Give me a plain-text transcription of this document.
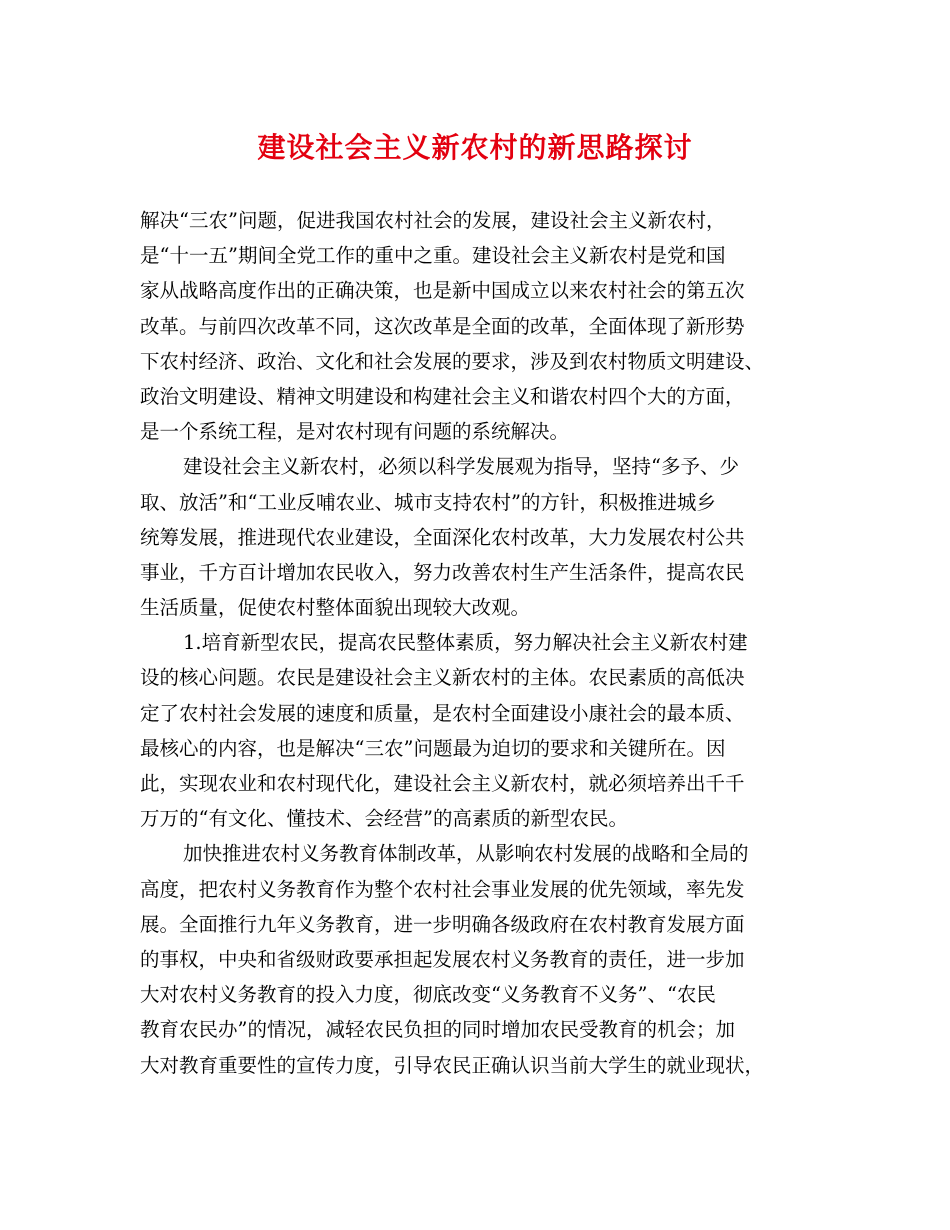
建设社会主义新农村的新思路探讨

解决“三农”问题，促进我国农村社会的发展，建设社会主义新农村，
是“十一五”期间全党工作的重中之重。建设社会主义新农村是党和国
家从战略高度作出的正确决策，也是新中国成立以来农村社会的第五次
改革。与前四次改革不同，这次改革是全面的改革，全面体现了新形势
下农村经济、政治、文化和社会发展的要求，涉及到农村物质文明建设、
政治文明建设、精神文明建设和构建社会主义和谐农村四个大的方面，
是一个系统工程，是对农村现有问题的系统解决。

建设社会主义新农村，必须以科学发展观为指导，坚持“多予、少
取、放活”和“工业反哺农业、城市支持农村”的方针，积极推进城乡
统筹发展，推进现代农业建设，全面深化农村改革，大力发展农村公共
事业，千方百计增加农民收入，努力改善农村生产生活条件，提高农民
生活质量，促使农村整体面貌出现较大改观。

1.培育新型农民，提高农民整体素质，努力解决社会主义新农村建
设的核心问题。农民是建设社会主义新农村的主体。农民素质的高低决
定了农村社会发展的速度和质量，是农村全面建设小康社会的最本质、
最核心的内容，也是解决“三农”问题最为迫切的要求和关键所在。因
此，实现农业和农村现代化，建设社会主义新农村，就必须培养出千千
万万的“有文化、懂技术、会经营”的高素质的新型农民。

加快推进农村义务教育体制改革，从影响农村发展的战略和全局的
高度，把农村义务教育作为整个农村社会事业发展的优先领域，率先发
展。全面推行九年义务教育，进一步明确各级政府在农村教育发展方面
的事权，中央和省级财政要承担起发展农村义务教育的责任，进一步加
大对农村义务教育的投入力度，彻底改变“义务教育不义务”、“农民
教育农民办”的情况，减轻农民负担的同时增加农民受教育的机会；加
大对教育重要性的宣传力度，引导农民正确认识当前大学生的就业现状，
